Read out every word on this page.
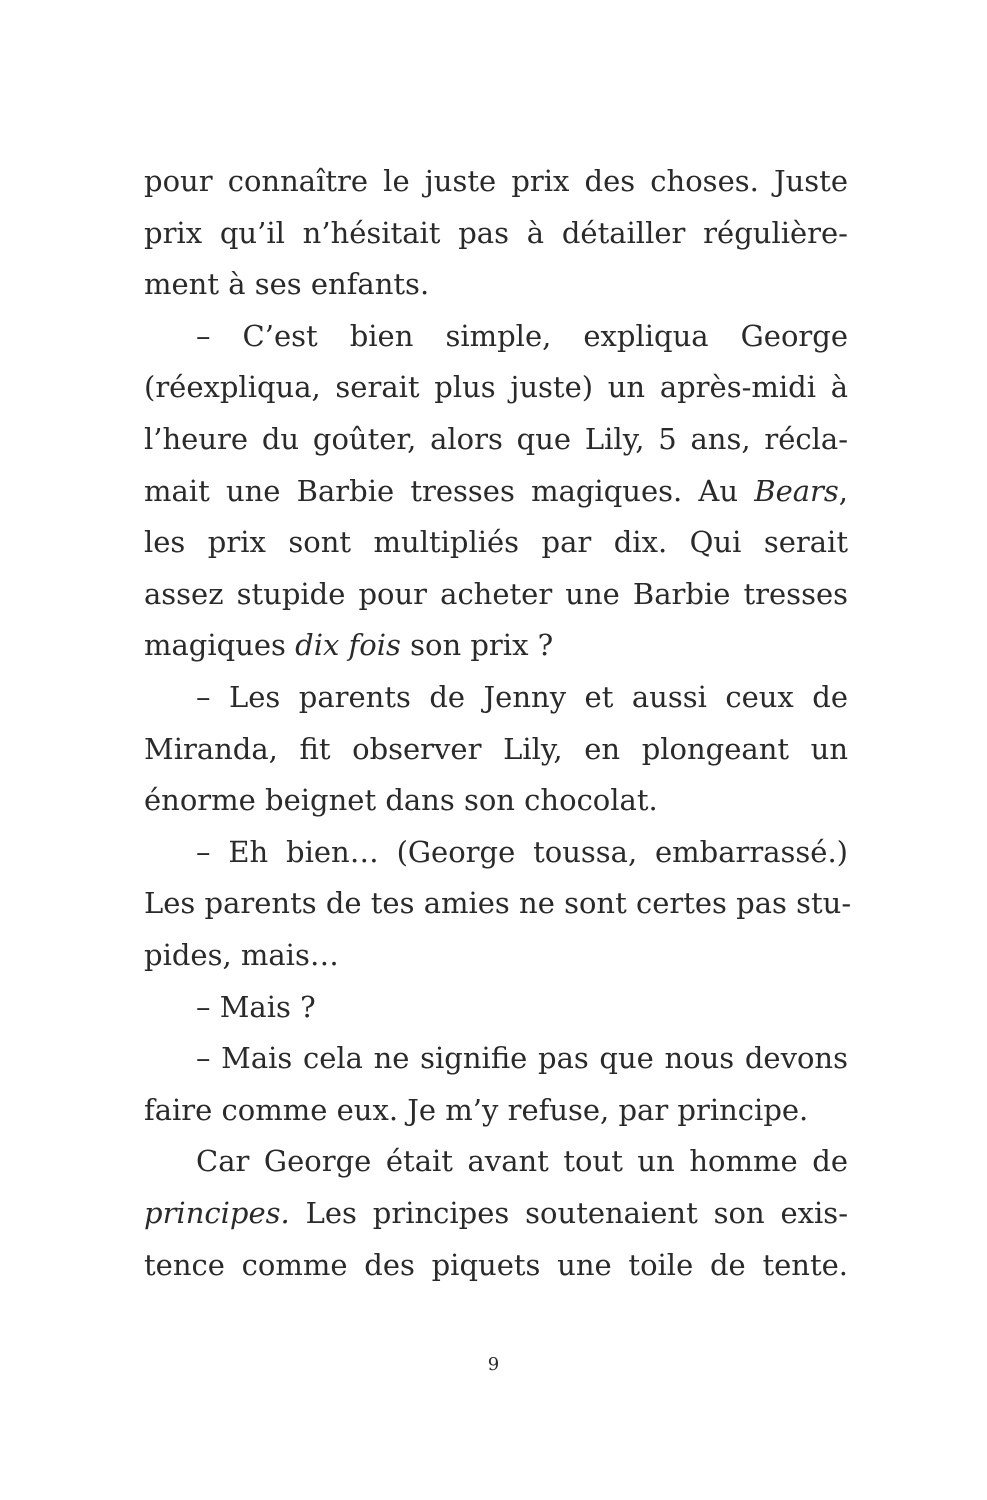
pour connaître le juste prix des choses. Juste

prix qu’il n’hésitait pas à détailler régulière-

ment à ses enfants.

– C’est bien simple, expliqua George

(réexpliqua, serait plus juste) un après-midi à

l’heure du goûter, alors que Lily, 5 ans, récla-

mait une Barbie tresses magiques. Au Bears,

les prix sont multipliés par dix. Qui serait

assez stupide pour acheter une Barbie tresses

magiques dix fois son prix ?

– Les parents de Jenny et aussi ceux de

Miranda, fit observer Lily, en plongeant un

énorme beignet dans son chocolat.

– Eh bien… (George toussa, embarrassé.)

Les parents de tes amies ne sont certes pas stu-

pides, mais…

– Mais ?

– Mais cela ne signifie pas que nous devons

faire comme eux. Je m’y refuse, par principe.

Car George était avant tout un homme de

principes. Les principes soutenaient son exis-

tence comme des piquets une toile de tente.

9
